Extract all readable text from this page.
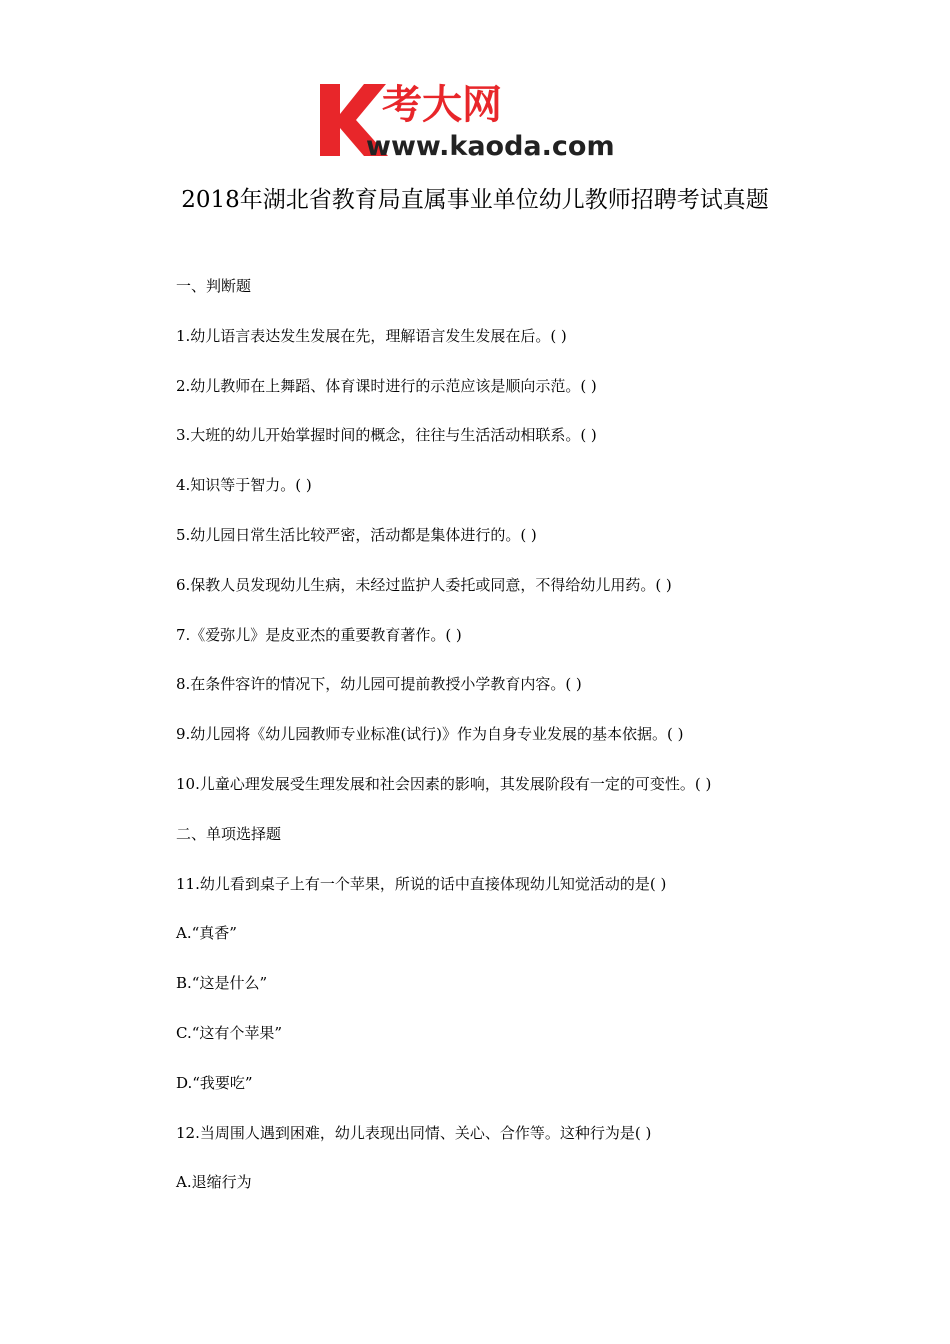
考大网
www.kaoda.com
2018年湖北省教育局直属事业单位幼儿教师招聘考试真题
一、判断题
1.幼儿语言表达发生发展在先，理解语言发生发展在后。( )
2.幼儿教师在上舞蹈、体育课时进行的示范应该是顺向示范。( )
3.大班的幼儿开始掌握时间的概念，往往与生活活动相联系。( )
4.知识等于智力。( )
5.幼儿园日常生活比较严密，活动都是集体进行的。( )
6.保教人员发现幼儿生病，未经过监护人委托或同意，不得给幼儿用药。( )
7.《爱弥儿》是皮亚杰的重要教育著作。( )
8.在条件容许的情况下，幼儿园可提前教授小学教育内容。( )
9.幼儿园将《幼儿园教师专业标准(试行)》作为自身专业发展的基本依据。( )
10.儿童心理发展受生理发展和社会因素的影响，其发展阶段有一定的可变性。( )
二、单项选择题
11.幼儿看到桌子上有一个苹果，所说的话中直接体现幼儿知觉活动的是( )
A.“真香”
B.“这是什么”
C.“这有个苹果”
D.“我要吃”
12.当周围人遇到困难，幼儿表现出同情、关心、合作等。这种行为是( )
A.退缩行为
